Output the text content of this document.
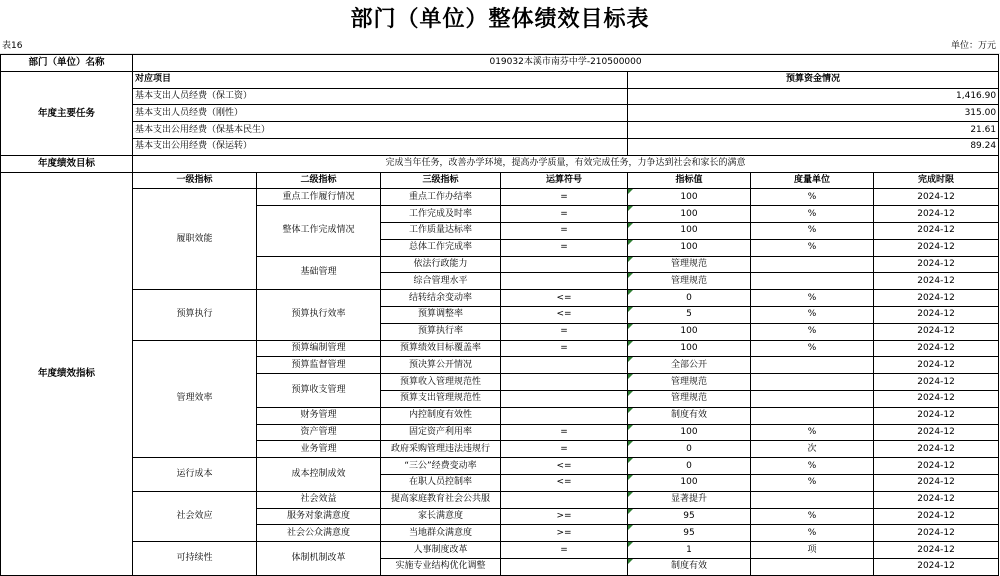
部门（单位）整体绩效目标表
表16	单位：万元
部门（单位）名称	019032本溪市南芬中学-210500000						
年度主要任务	对应项目				预算资金情况		
	基本支出人员经费（保工资）				1,416.90		
	基本支出人员经费（刚性）				315.00		
	基本支出公用经费（保基本民生）				21.61		
	基本支出公用经费（保运转）				89.24		
年度绩效目标	完成当年任务，改善办学环境，提高办学质量，有效完成任务，力争达到社会和家长的满意						
年度绩效指标	一级指标	二级指标	三级指标	运算符号	指标值	度量单位	完成时限
	履职效能	重点工作履行情况	重点工作办结率	=	100	%	2024-12
		整体工作完成情况	工作完成及时率	=	100	%	2024-12
			工作质量达标率	=	100	%	2024-12
			总体工作完成率	=	100	%	2024-12
		基础管理	依法行政能力		管理规范		2024-12
			综合管理水平		管理规范		2024-12
	预算执行	预算执行效率	结转结余变动率	<=	0	%	2024-12
			预算调整率	<=	5	%	2024-12
			预算执行率	=	100	%	2024-12
	管理效率	预算编制管理	预算绩效目标覆盖率	=	100	%	2024-12
		预算监督管理	预决算公开情况		全部公开		2024-12
		预算收支管理	预算收入管理规范性		管理规范		2024-12
			预算支出管理规范性		管理规范		2024-12
		财务管理	内控制度有效性		制度有效		2024-12
		资产管理	固定资产利用率	=	100	%	2024-12
		业务管理	政府采购管理违法违规行	=	0	次	2024-12
	运行成本	成本控制成效	“三公”经费变动率	<=	0	%	2024-12
			在职人员控制率	<=	100	%	2024-12
	社会效应	社会效益	提高家庭教育社会公共服		显著提升		2024-12
		服务对象满意度	家长满意度	>=	95	%	2024-12
		社会公众满意度	当地群众满意度	>=	95	%	2024-12
	可持续性	体制机制改革	人事制度改革	=	1	项	2024-12
			实施专业结构优化调整		制度有效		2024-12
